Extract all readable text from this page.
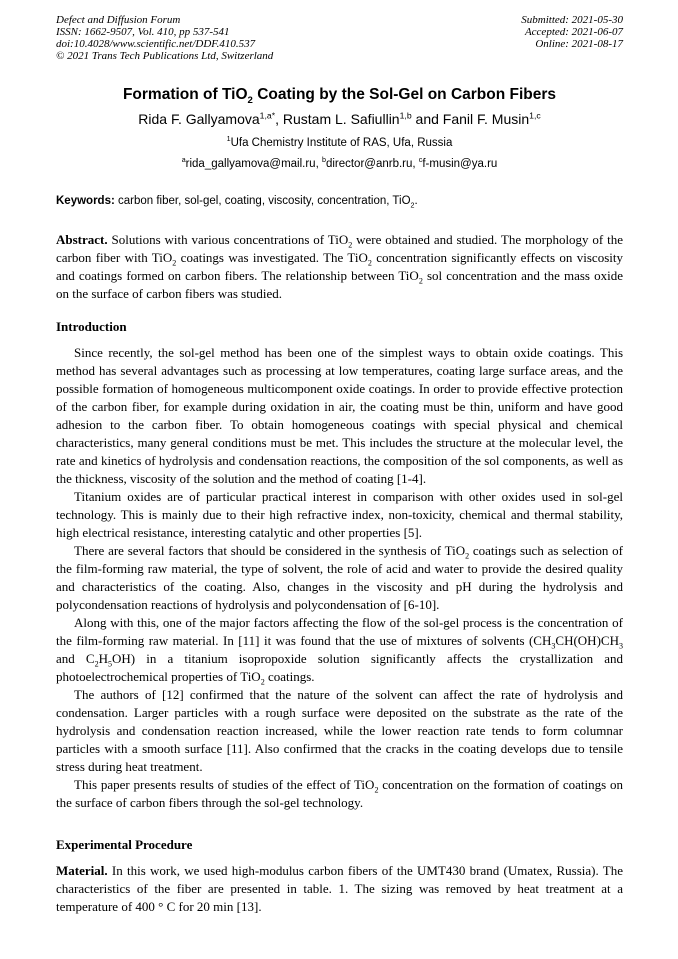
Defect and Diffusion Forum
ISSN: 1662-9507, Vol. 410, pp 537-541
doi:10.4028/www.scientific.net/DDF.410.537
© 2021 Trans Tech Publications Ltd, Switzerland
Submitted: 2021-05-30
Accepted: 2021-06-07
Online: 2021-08-17
Formation of TiO$_2$ Coating by the Sol-Gel on Carbon Fibers
Rida F. Gallyamova$^{1,a*}$, Rustam L. Safiullin$^{1,b}$ and Fanil F. Musin$^{1,c}$
$^1$Ufa Chemistry Institute of RAS, Ufa, Russia
$^a$rida_gallyamova@mail.ru, $^b$director@anrb.ru, $^c$f-musin@ya.ru

Keywords: carbon fiber, sol-gel, coating, viscosity, concentration, TiO$_2$.

Abstract. Solutions with various concentrations of TiO$_2$ were obtained and studied. The morphology of the carbon fiber with TiO$_2$ coatings was investigated. The TiO$_2$ concentration significantly effects on viscosity and coatings formed on carbon fibers. The relationship between TiO$_2$ sol concentration and the mass oxide on the surface of carbon fibers was studied.

Introduction

Since recently, the sol-gel method has been one of the simplest ways to obtain oxide coatings. This method has several advantages such as processing at low temperatures, coating large surface areas, and the possible formation of homogeneous multicomponent oxide coatings. In order to provide effective protection of the carbon fiber, for example during oxidation in air, the coating must be thin, uniform and have good adhesion to the carbon fiber. To obtain homogeneous coatings with special physical and chemical characteristics, many general conditions must be met. This includes the structure at the molecular level, the rate and kinetics of hydrolysis and condensation reactions, the composition of the sol components, as well as the thickness, viscosity of the solution and the method of coating [1-4].

Titanium oxides are of particular practical interest in comparison with other oxides used in sol-gel technology. This is mainly due to their high refractive index, non-toxicity, chemical and thermal stability, high electrical resistance, interesting catalytic and other properties [5].

There are several factors that should be considered in the synthesis of TiO$_2$ coatings such as selection of the film-forming raw material, the type of solvent, the role of acid and water to provide the desired quality and characteristics of the coating. Also, changes in the viscosity and pH during the hydrolysis and polycondensation reactions of hydrolysis and polycondensation of [6-10].

Along with this, one of the major factors affecting the flow of the sol-gel process is the concentration of the film-forming raw material. In [11] it was found that the use of mixtures of solvents ($CH_3CH(OH)CH_3$ and $C_2H_5OH$) in a titanium isopropoxide solution significantly affects the crystallization and photoelectrochemical properties of TiO$_2$ coatings.

The authors of [12] confirmed that the nature of the solvent can affect the rate of hydrolysis and condensation. Larger particles with a rough surface were deposited on the substrate as the rate of the hydrolysis and condensation reaction increased, while the lower reaction rate tends to form columnar particles with a smooth surface [11]. Also confirmed that the cracks in the coating develops due to tensile stress during heat treatment.

This paper presents results of studies of the effect of TiO$_2$ concentration on the formation of coatings on the surface of carbon fibers through the sol-gel technology.

Experimental Procedure

Material. In this work, we used high-modulus carbon fibers of the UMT430 brand (Umatex, Russia). The characteristics of the fiber are presented in table. 1. The sizing was removed by heat treatment at a temperature of 400 ° C for 20 min [13].
